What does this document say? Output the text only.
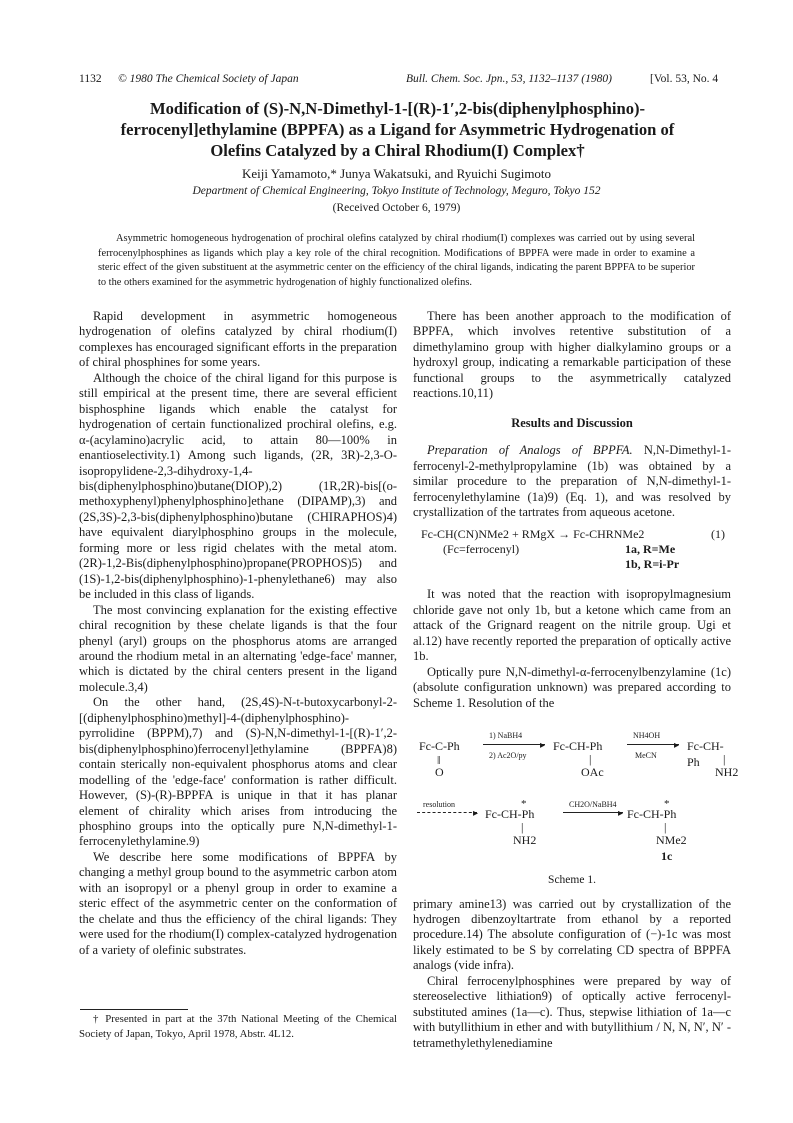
1132 © 1980 The Chemical Society of Japan	Bull. Chem. Soc. Jpn., 53, 1132–1137 (1980)	[Vol. 53, No. 4
Modification of (S)-N,N-Dimethyl-1-[(R)-1′,2-bis(diphenylphosphino)-ferrocenyl]ethylamine (BPPFA) as a Ligand for Asymmetric Hydrogenation of Olefins Catalyzed by a Chiral Rhodium(I) Complex†
Keiji Yamamoto,* Junya Wakatsuki, and Ryuichi Sugimoto
Department of Chemical Engineering, Tokyo Institute of Technology, Meguro, Tokyo 152
(Received October 6, 1979)
Asymmetric homogeneous hydrogenation of prochiral olefins catalyzed by chiral rhodium(I) complexes was carried out by using several ferrocenylphosphines as ligands which play a key role of the chiral recognition. Modifications of BPPFA were made in order to examine a steric effect of the given substituent at the asymmetric center on the efficiency of the chiral ligands, indicating the parent BPPFA to be superior to the others examined for the asymmetric hydrogenation of highly functionalized olefins.

Rapid development in asymmetric homogeneous hydrogenation of olefins catalyzed by chiral rhodium(I) complexes has encouraged significant efforts in the preparation of chiral phosphines for some years.

Although the choice of the chiral ligand for this purpose is still empirical at the present time, there are several efficient bisphosphine ligands which enable the catalyst for hydrogenation of certain functionalized prochiral olefins, e.g. α-(acylamino)acrylic acid, to attain 80—100% in enantioselectivity.1) Among such ligands, (2R, 3R)-2,3-O-isopropylidene-2,3-dihydroxy-1,4-bis(diphenylphosphino)butane(DIOP),2) (1R,2R)-bis[(o-methoxyphenyl)phenylphosphino]ethane (DIPAMP),3) and (2S,3S)-2,3-bis(diphenylphosphino)butane (CHIRAPHOS)4) have equivalent diarylphosphino groups in the molecule, forming more or less rigid chelates with the metal atom. (2R)-1,2-Bis(diphenylphosphino)propane(PROPHOS)5) and (1S)-1,2-bis(diphenylphosphino)-1-phenylethane6) may also be included in this class of ligands.

The most convincing explanation for the existing effective chiral recognition by these chelate ligands is that the four phenyl (aryl) groups on the phosphorus atoms are arranged around the rhodium metal in an alternating 'edge-face' manner, which is dictated by the chiral centers present in the ligand molecule.3,4)

On the other hand, (2S,4S)-N-t-butoxycarbonyl-2-[(diphenylphosphino)methyl]-4-(diphenylphosphino)-pyrrolidine (BPPM),7) and (S)-N,N-dimethyl-1-[(R)-1′,2-bis(diphenylphosphino)ferrocenyl]ethylamine (BPPFA)8) contain sterically non-equivalent phosphorus atoms and clear modelling of the 'edge-face' conformation is rather difficult. However, (S)-(R)-BPPFA is unique in that it has planar element of chirality which arises from introducing the phosphino groups into the optically pure N,N-dimethyl-1-ferrocenylethylamine.9)

We describe here some modifications of BPPFA by changing a methyl group bound to the asymmetric carbon atom with an isopropyl or a phenyl group in order to examine a steric effect of the asymmetric center on the conformation of the chelate and thus the efficiency of the chiral ligands: They were used for the rhodium(I) complex-catalyzed hydrogenation of a variety of olefinic substrates.

† Presented in part at the 37th National Meeting of the Chemical Society of Japan, Tokyo, April 1978, Abstr. 4L12.

There has been another approach to the modification of BPPFA, which involves retentive substitution of a dimethylamino group with higher dialkylamino groups or a hydroxyl group, indicating a remarkable participation of these functional groups to the asymmetrically catalyzed reactions.10,11)

Results and Discussion

Preparation of Analogs of BPPFA. N,N-Dimethyl-1-ferrocenyl-2-methylpropylamine (1b) was obtained by a similar procedure to the preparation of N,N-dimethyl-1-ferrocenylethylamine (1a)9) (Eq. 1), and was resolved by crystallization of the tartrates from aqueous acetone.

Fc-CH(CN)NMe2 + RMgX → Fc-CHRNMe2	(1)
(Fc=ferrocenyl)	1a, R=Me
1b, R=i-Pr

It was noted that the reaction with isopropylmagnesium chloride gave not only 1b, but a ketone which came from an attack of the Grignard reagent on the nitrile group. Ugi et al.12) have recently reported the preparation of optically active 1b.

Optically pure N,N-dimethyl-α-ferrocenylbenzylamine (1c) (absolute configuration unknown) was prepared according to Scheme 1. Resolution of the

Fc-C-Ph
‖
O
1) NaBH4
▸
2) Ac2O/py
Fc-CH-Ph
|
OAc
NH4OH
▸
MeCN
Fc-CH-Ph	|
NH2
resolution
▸ Fc-CH-Ph
*
|
NH2
CH2O/NaBH4
▸ Fc-CH-Ph
*
|
NMe2
1c
Scheme 1.

primary amine13) was carried out by crystallization of the hydrogen dibenzoyltartrate from ethanol by a reported procedure.14) The absolute configuration of (−)-1c was most likely estimated to be S by correlating CD spectra of BPPFA analogs (vide infra).

Chiral ferrocenylphosphines were prepared by way of stereoselective lithiation9) of optically active ferrocenyl-substituted amines (1a—c). Thus, stepwise lithiation of 1a—c with butyllithium in ether and with butyllithium / N, N, N′, N′ - tetramethylethylenediamine
